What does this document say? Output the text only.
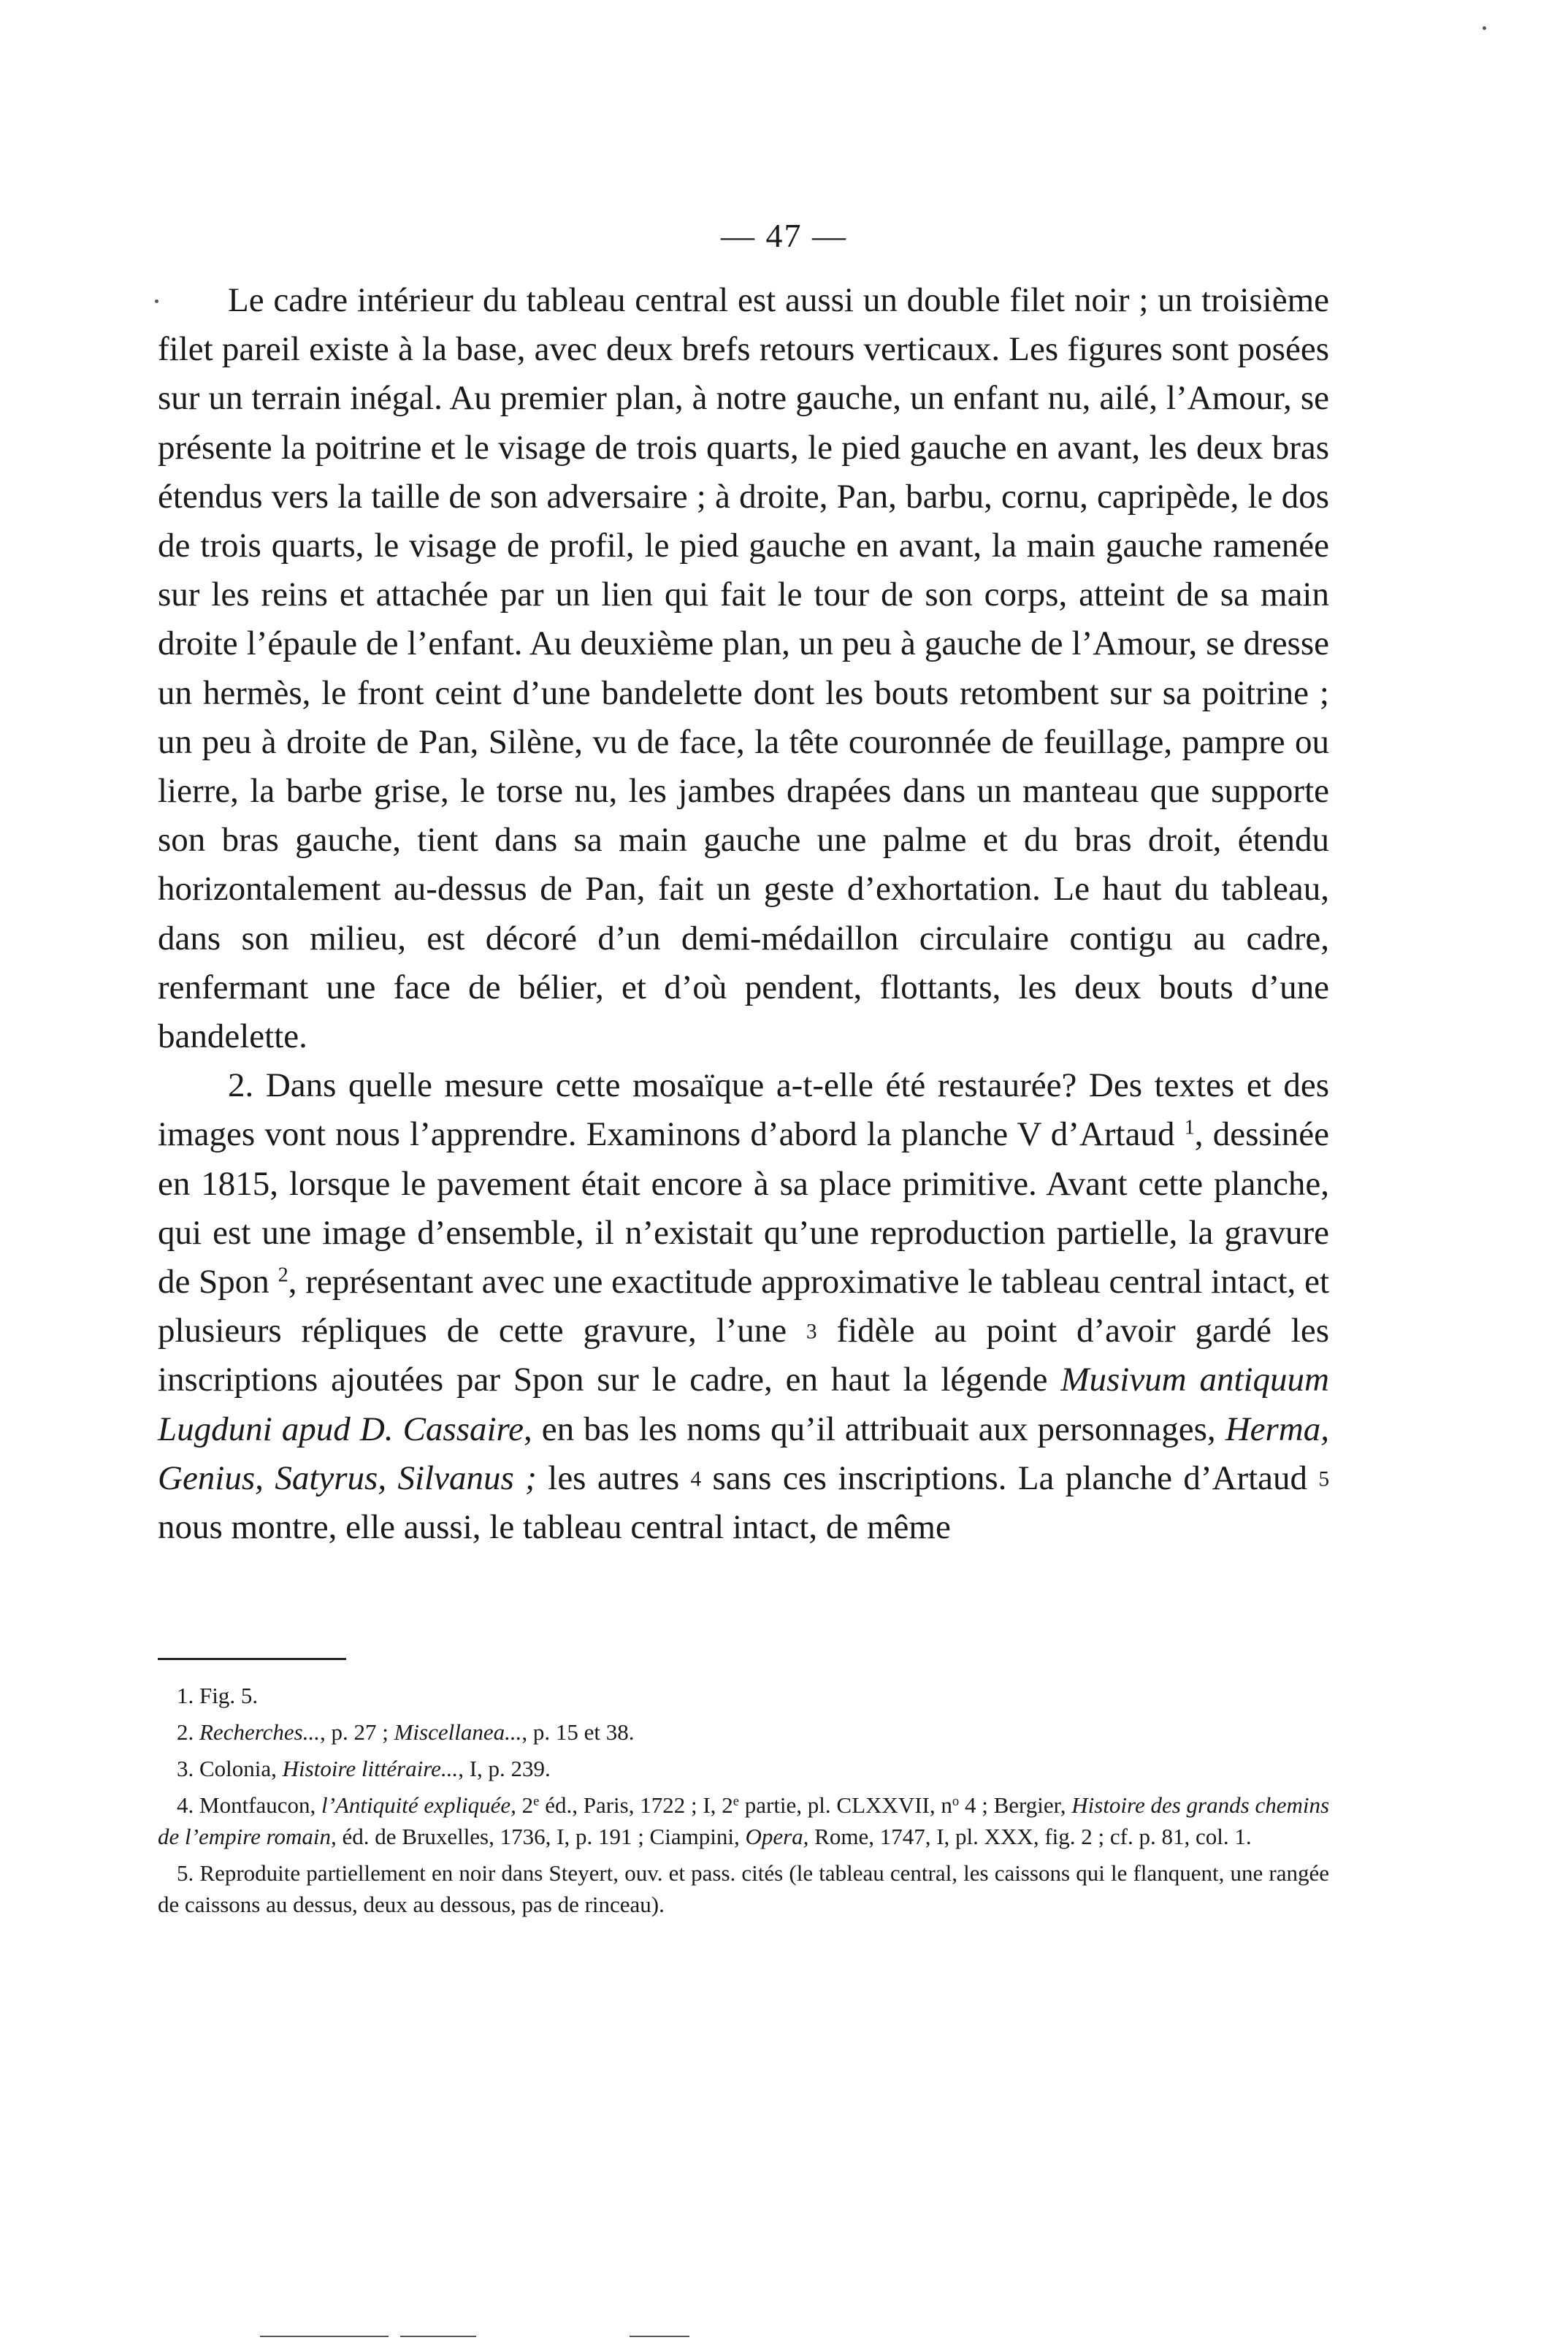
— 47 —

Le cadre intérieur du tableau central est aussi un double filet noir ; un troisième filet pareil existe à la base, avec deux brefs retours verticaux. Les figures sont posées sur un terrain inégal. Au premier plan, à notre gauche, un enfant nu, ailé, l’Amour, se présente la poitrine et le visage de trois quarts, le pied gauche en avant, les deux bras étendus vers la taille de son adversaire ; à droite, Pan, barbu, cornu, capripède, le dos de trois quarts, le visage de profil, le pied gauche en avant, la main gauche ramenée sur les reins et attachée par un lien qui fait le tour de son corps, atteint de sa main droite l’épaule de l’enfant. Au deuxième plan, un peu à gauche de l’Amour, se dresse un hermès, le front ceint d’une bandelette dont les bouts retombent sur sa poitrine ; un peu à droite de Pan, Silène, vu de face, la tête couronnée de feuillage, pampre ou lierre, la barbe grise, le torse nu, les jambes drapées dans un manteau que supporte son bras gauche, tient dans sa main gauche une palme et du bras droit, étendu horizontalement au-dessus de Pan, fait un geste d’exhortation. Le haut du tableau, dans son milieu, est décoré d’un demi-médaillon circulaire contigu au cadre, renfermant une face de bélier, et d’où pendent, flottants, les deux bouts d’une bandelette.

2. Dans quelle mesure cette mosaïque a-t-elle été restaurée? Des textes et des images vont nous l’apprendre. Examinons d’abord la planche V d’Artaud $^1$, dessinée en 1815, lorsque le pavement était encore à sa place primitive. Avant cette planche, qui est une image d’ensemble, il n’existait qu’une reproduction partielle, la gravure de Spon $^2$, représentant avec une exactitude approximative le tableau central intact, et plusieurs répliques de cette gravure, l’une 3 fidèle au point d’avoir gardé les inscriptions ajoutées par Spon sur le cadre, en haut la légende Musivum antiquum Lugduni apud D. Cassaire, en bas les noms qu’il attribuait aux personnages, Herma, Genius, Satyrus, Silvanus ; les autres 4 sans ces inscriptions. La planche d’Artaud 5 nous montre, elle aussi, le tableau central intact, de même

1. Fig. 5.

2. Recherches..., p. 27 ; Miscellanea..., p. 15 et 38.

3. Colonia, Histoire littéraire..., I, p. 239.

4. Montfaucon, l’Antiquité expliquée, 2e éd., Paris, 1722 ; I, 2e partie, pl. CLXXVII, $n^o$ 4 ; Bergier, Histoire des grands chemins de l’empire romain, éd. de Bruxelles, 1736, I, p. 191 ; Ciampini, Opera, Rome, 1747, I, pl. XXX, fig. 2 ; cf. p. 81, col. 1.

5. Reproduite partiellement en noir dans Steyert, ouv. et pass. cités (le tableau central, les caissons qui le flanquent, une rangée de caissons au dessus, deux au dessous, pas de rinceau).
